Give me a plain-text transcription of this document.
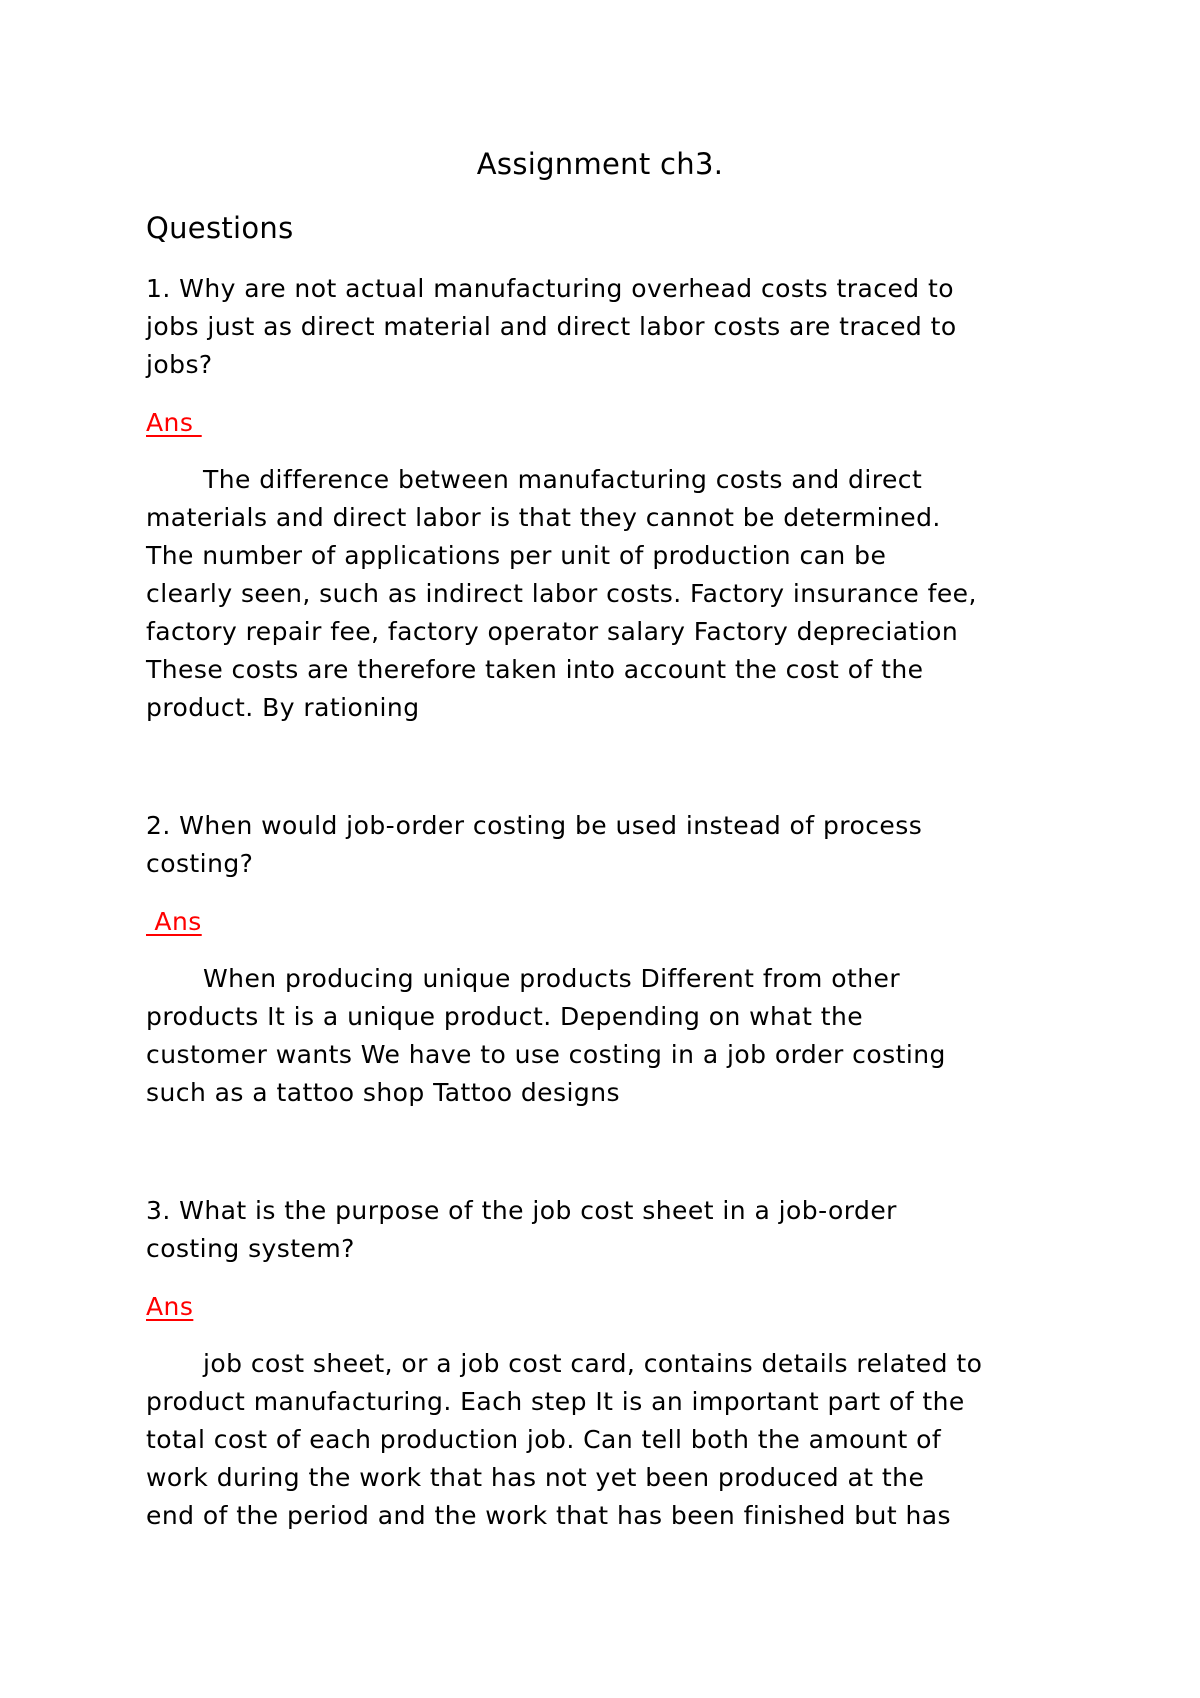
Assignment ch3.
Questions
1. Why are not actual manufacturing overhead costs traced to
jobs just as direct material and direct labor costs are traced to
jobs?
Ans
The difference between manufacturing costs and direct
materials and direct labor is that they cannot be determined.
The number of applications per unit of production can be
clearly seen, such as indirect labor costs. Factory insurance fee,
factory repair fee, factory operator salary Factory depreciation
These costs are therefore taken into account the cost of the
product. By rationing
2. When would job-order costing be used instead of process
costing?
Ans
When producing unique products Different from other
products It is a unique product. Depending on what the
customer wants We have to use costing in a job order costing
such as a tattoo shop Tattoo designs
3. What is the purpose of the job cost sheet in a job-order
costing system?
Ans
job cost sheet, or a job cost card, contains details related to
product manufacturing. Each step It is an important part of the
total cost of each production job. Can tell both the amount of
work during the work that has not yet been produced at the
end of the period and the work that has been finished but has
